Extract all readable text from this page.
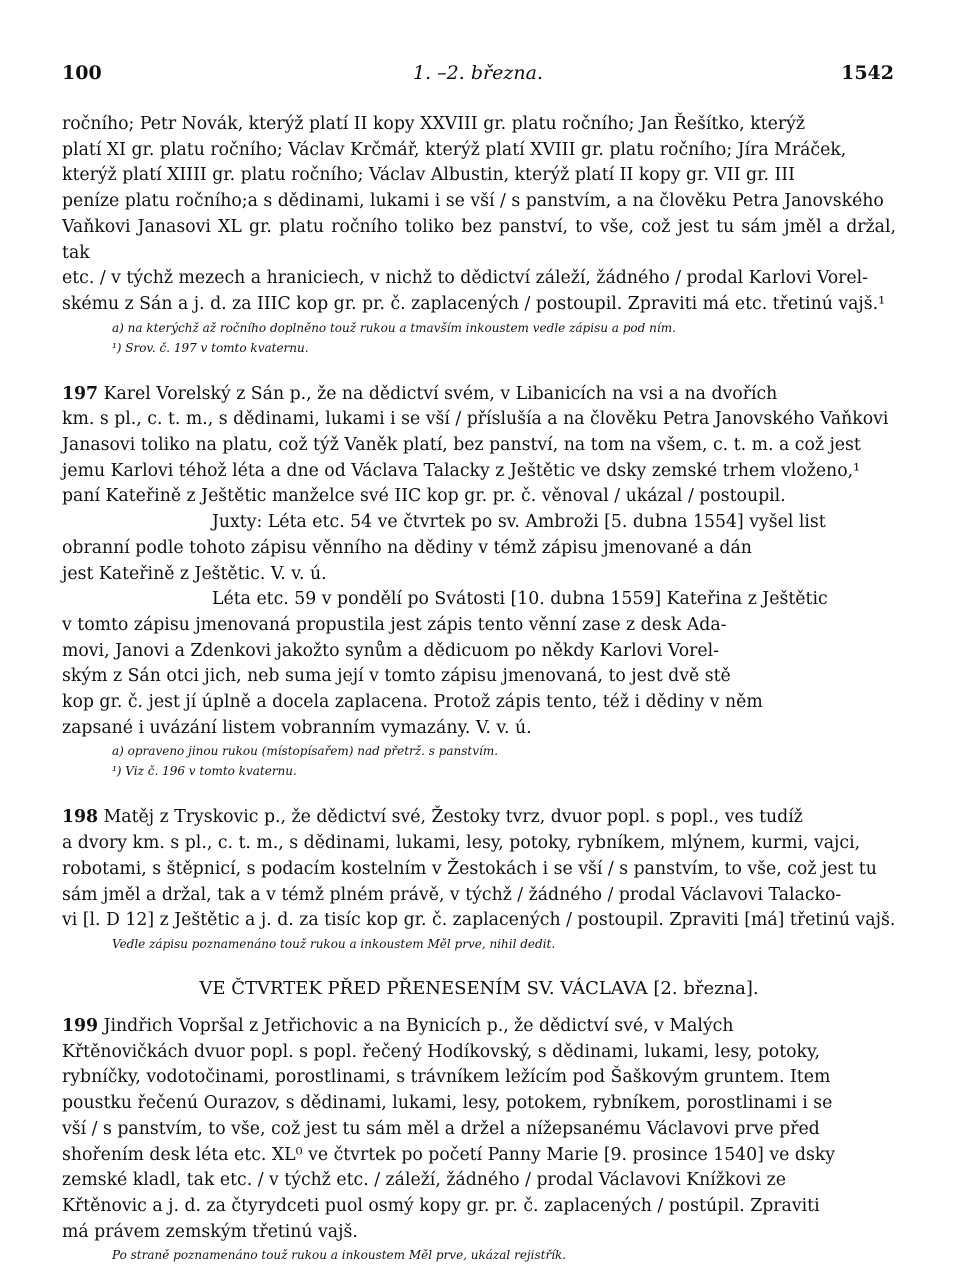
100	1. –2. března.	1542

ročního; Petr Novák, kterýž platí II kopy XXVIII gr. platu ročního; Jan Řešítko, kterýž

platí XI gr. platu ročního; Václav Krčmář, kterýž platí XVIII gr. platu ročního; Jíra Mráček,

kterýž platí XIIII gr. platu ročního; Václav Albustin, kterýž platí II kopy gr. VII gr. III

peníze platu ročního;a s dědinami, lukami i se vší / s panstvím, a na člověku Petra Janovského

Vaňkovi Janasovi XL gr. platu ročního toliko bez panství, to vše, což jest tu sám jměl a držal, tak

etc. / v týchž mezech a hraniciech, v nichž to dědictví záleží, žádného / prodal Karlovi Vorel-

skému z Sán a j. d. za IIIC kop gr. pr. č. zaplacených / postoupil. Zpraviti má etc. třetinú vajš.¹

a) na kterýchž až ročního doplněno touž rukou a tmavším inkoustem vedle zápisu a pod ním.

¹) Srov. č. 197 v tomto kvaternu.

197 Karel Vorelský z Sán p., že na dědictví svém, v Libanicích na vsi a na dvořích

km. s pl., c. t. m., s dědinami, lukami i se vší / příslušía a na člověku Petra Janovského Vaňkovi

Janasovi toliko na platu, což týž Vaněk platí, bez panství, na tom na všem, c. t. m. a což jest

jemu Karlovi téhož léta a dne od Václava Talacky z Ještětic ve dsky zemské trhem vloženo,¹

paní Kateřině z Ještětic manželce své IIC kop gr. pr. č. věnoval / ukázal / postoupil.

Juxty: Léta etc. 54 ve čtvrtek po sv. Ambroži [5. dubna 1554] vyšel list

obranní podle tohoto zápisu věnního na dědiny v témž zápisu jmenované a dán

jest Kateřině z Ještětic. V. v. ú.

Léta etc. 59 v pondělí po Svátosti [10. dubna 1559] Kateřina z Ještětic

v tomto zápisu jmenovaná propustila jest zápis tento věnní zase z desk Ada-

movi, Janovi a Zdenkovi jakožto synům a dědicuom po někdy Karlovi Vorel-

ským z Sán otci jich, neb suma její v tomto zápisu jmenovaná, to jest dvě stě

kop gr. č. jest jí úplně a docela zaplacena. Protož zápis tento, též i dědiny v něm

zapsané i uvázání listem vobranním vymazány. V. v. ú.

a) opraveno jinou rukou (místopísařem) nad přetrž. s panstvím.

¹) Viz č. 196 v tomto kvaternu.

198 Matěj z Tryskovic p., že dědictví své, Žestoky tvrz, dvuor popl. s popl., ves tudíž

a dvory km. s pl., c. t. m., s dědinami, lukami, lesy, potoky, rybníkem, mlýnem, kurmi, vajci,

robotami, s štěpnicí, s podacím kostelním v Žestokách i se vší / s panstvím, to vše, což jest tu

sám jměl a držal, tak a v témž plném právě, v týchž / žádného / prodal Václavovi Talacko-

vi [l. D 12] z Ještětic a j. d. za tisíc kop gr. č. zaplacených / postoupil. Zpraviti [má] třetinú vajš.

Vedle zápisu poznamenáno touž rukou a inkoustem Měl prve, nihil dedit.

VE ČTVRTEK PŘED PŘENESENÍM SV. VÁCLAVA [2. března].

199 Jindřich Vopršal z Jetřichovic a na Bynicích p., že dědictví své, v Malých

Křtěnovičkách dvuor popl. s popl. řečený Hodíkovský, s dědinami, lukami, lesy, potoky,

rybníčky, vodotočinami, porostlinami, s trávníkem ležícím pod Šaškovým gruntem. Item

poustku řečenú Ourazov, s dědinami, lukami, lesy, potokem, rybníkem, porostlinami i se

vší / s panstvím, to vše, což jest tu sám měl a držel a nížepsanému Václavovi prve před

shořením desk léta etc. XL⁰ ve čtvrtek po početí Panny Marie [9. prosince 1540] ve dsky

zemské kladl, tak etc. / v týchž etc. / záleží, žádného / prodal Václavovi Knížkovi ze

Křtěnovic a j. d. za čtyrydceti puol osmý kopy gr. pr. č. zaplacených / postúpil. Zpraviti

má právem zemským třetinú vajš.

Po straně poznamenáno touž rukou a inkoustem Měl prve, ukázal rejistřík.
